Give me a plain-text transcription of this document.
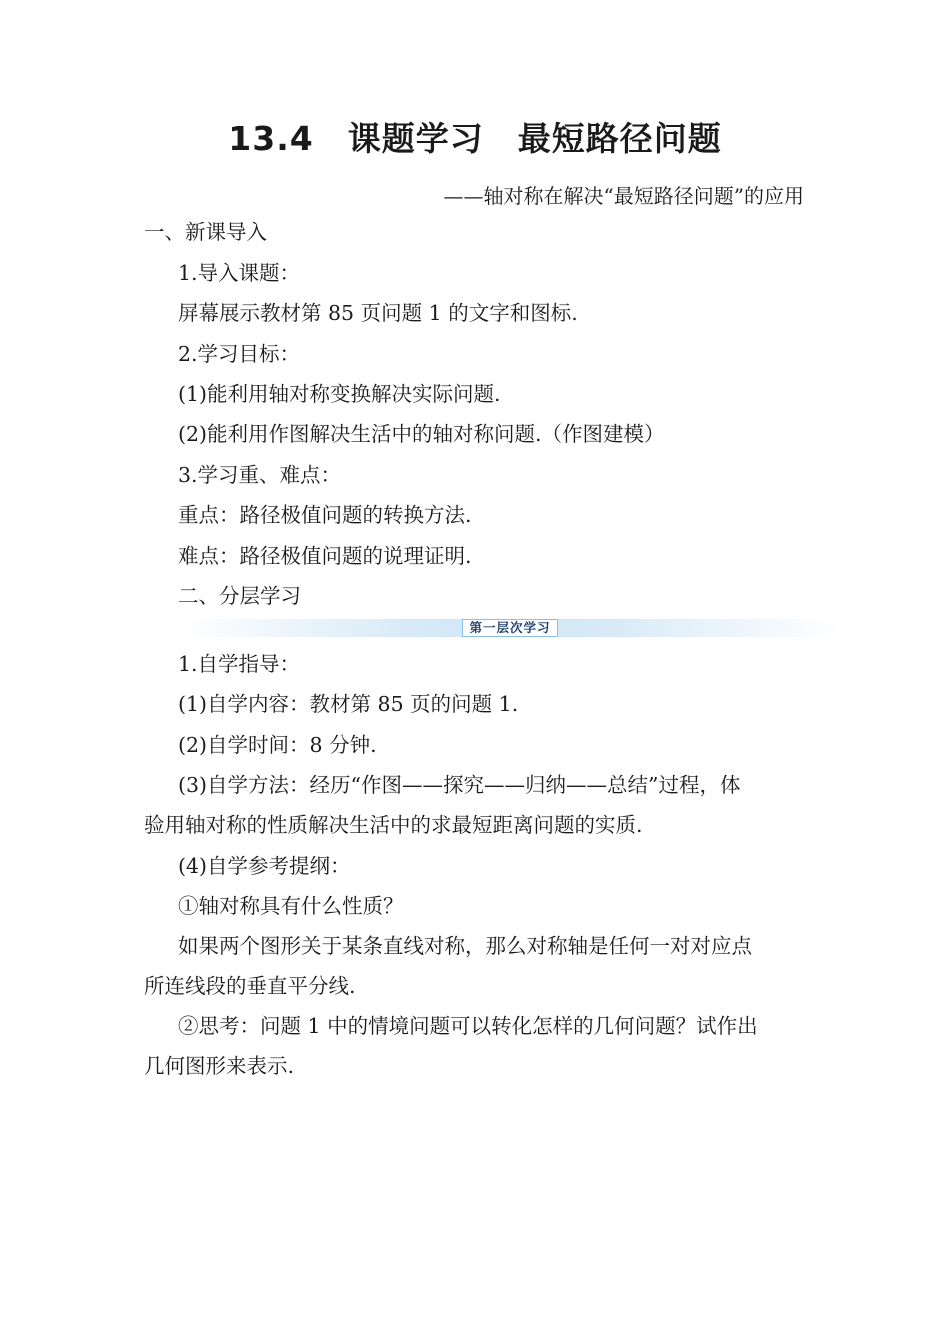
13.4　课题学习　最短路径问题
——轴对称在解决“最短路径问题”的应用
一、新课导入
1.导入课题：
屏幕展示教材第 85 页问题 1 的文字和图标.
2.学习目标：
(1)能利用轴对称变换解决实际问题.
(2)能利用作图解决生活中的轴对称问题.（作图建模）
3.学习重、难点：
重点：路径极值问题的转换方法.
难点：路径极值问题的说理证明.
二、分层学习
第一层次学习
1.自学指导：
(1)自学内容：教材第 85 页的问题 1.
(2)自学时间：8 分钟.
(3)自学方法：经历“作图——探究——归纳——总结”过程，体
验用轴对称的性质解决生活中的求最短距离问题的实质.
(4)自学参考提纲：
①轴对称具有什么性质？
如果两个图形关于某条直线对称，那么对称轴是任何一对对应点
所连线段的垂直平分线.
②思考：问题 1 中的情境问题可以转化怎样的几何问题？试作出
几何图形来表示.
